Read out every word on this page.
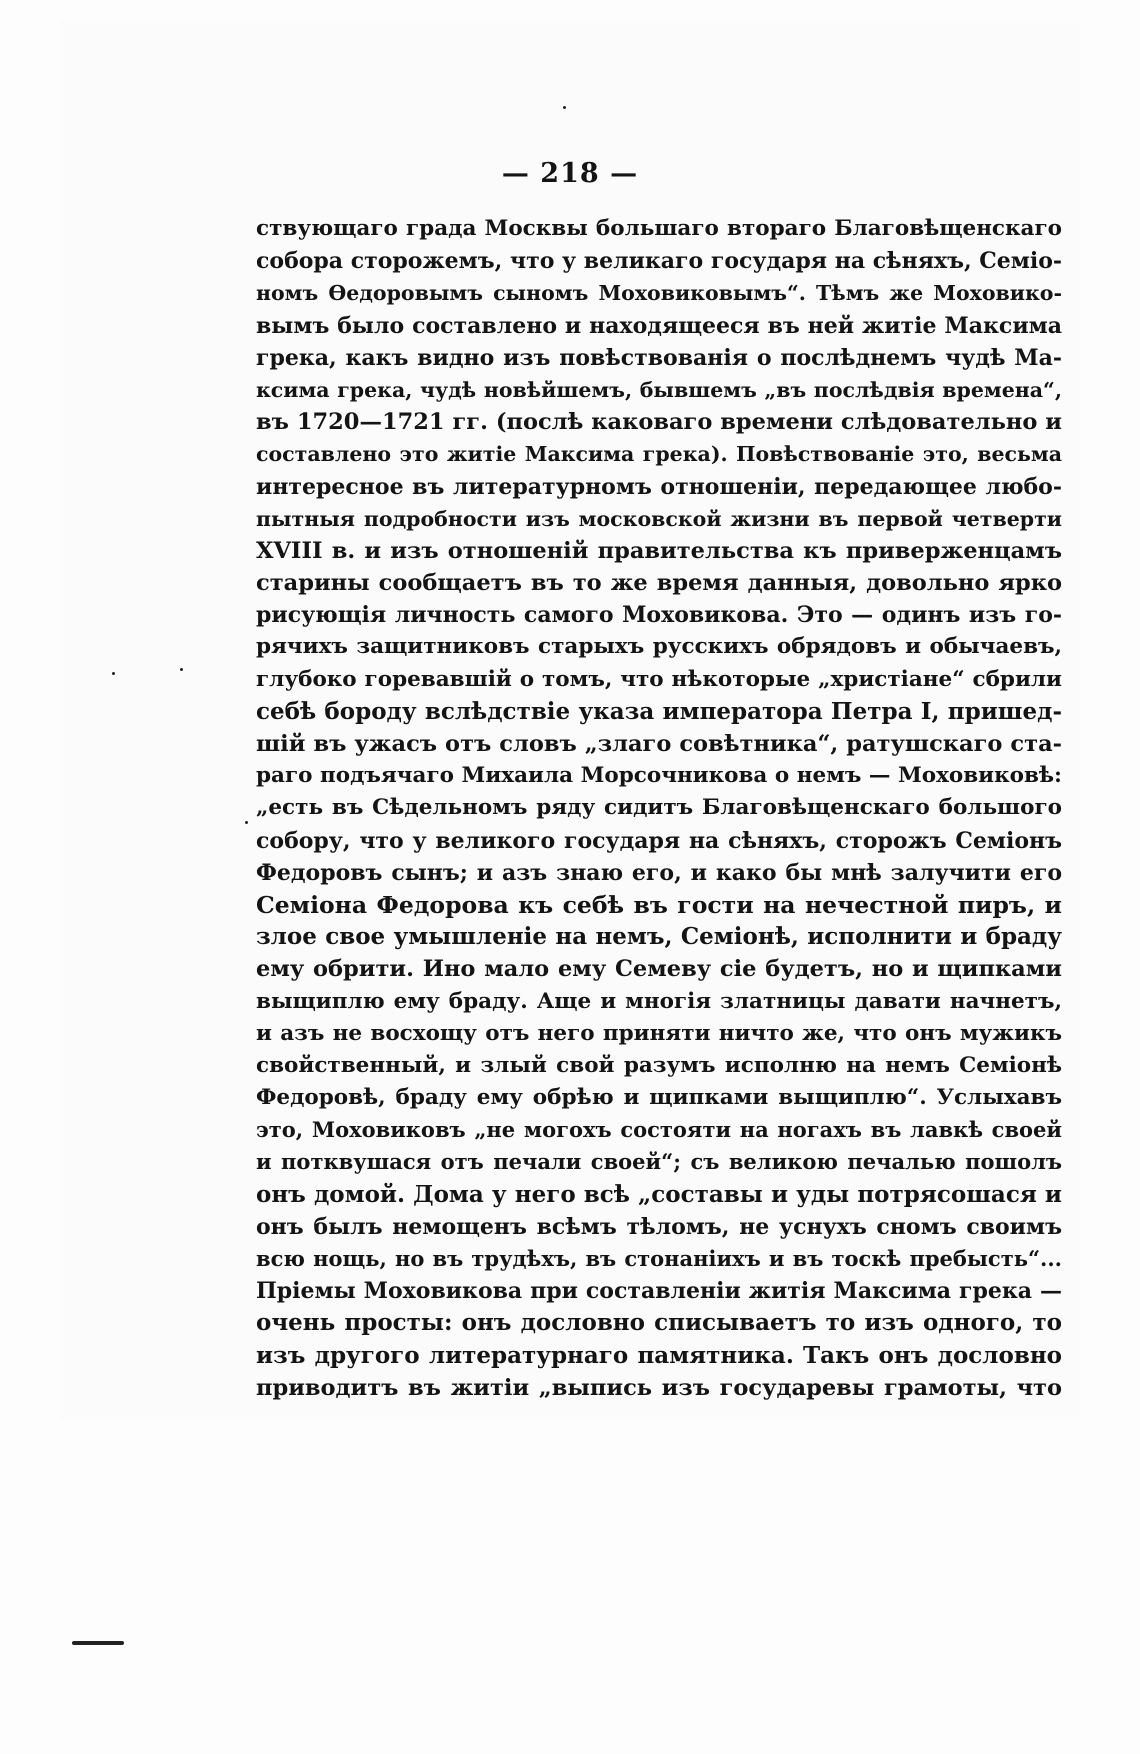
— 218 —
ствующаго града Москвы большаго втораго Благовѣщенскаго
собора сторожемъ, что у великаго государя на сѣняхъ, Семіо-
номъ Өедоровымъ сыномъ Моховиковымъ“. Тѣмъ же Моховико-
вымъ было составлено и находящееся въ ней житіе Максима
грека, какъ видно изъ повѣствованія о послѣднемъ чудѣ Ма-
ксима грека, чудѣ новѣйшемъ, бывшемъ „въ послѣдвія времена“,
въ 1720—1721 гг. (послѣ каковаго времени слѣдовательно и
составлено это житіе Максима грека). Повѣствованіе это, весьма
интересное въ литературномъ отношеніи, передающее любо-
пытныя подробности изъ московской жизни въ первой четверти
XVIII в. и изъ отношеній правительства къ приверженцамъ
старины сообщаетъ въ то же время данныя, довольно ярко
рисующія личность самого Моховикова. Это — одинъ изъ го-
рячихъ защитниковъ старыхъ русскихъ обрядовъ и обычаевъ,
глубоко горевавшій о томъ, что нѣкоторые „христіане“ сбрили
себѣ бороду вслѣдствіе указа императора Петра I, пришед-
шій въ ужасъ отъ словъ „злаго совѣтника“, ратушскаго ста-
раго подъячаго Михаила Морсочникова о немъ — Моховиковѣ:
„есть въ Сѣдельномъ ряду сидитъ Благовѣщенскаго большого
собору, что у великого государя на сѣняхъ, сторожъ Семіонъ
Федоровъ сынъ; и азъ знаю его, и како бы мнѣ залучити его
Семіона Федорова къ себѣ въ гости на нечестной пиръ, и
злое свое умышленіе на немъ, Семіонѣ, исполнити и браду
ему обрити. Ино мало ему Семеву сіе будетъ, но и щипками
выщиплю ему браду. Аще и многія златницы давати начнетъ,
и азъ не восхощу отъ него приняти ничто же, что онъ мужикъ
свойственный, и злый свой разумъ исполню на немъ Семіонѣ
Федоровѣ, браду ему обрѣю и щипками выщиплю“. Услыхавъ
это, Моховиковъ „не могохъ состояти на ногахъ въ лавкѣ своей
и потквушася отъ печали своей“; съ великою печалью пошолъ
онъ домой. Дома у него всѣ „составы и уды потрясошася и
онъ былъ немощенъ всѣмъ тѣломъ, не уснухъ сномъ своимъ
всю нощь, но въ трудѣхъ, въ стонаніихъ и въ тоскѣ пребысть“...
Пріемы Моховикова при составленіи житія Максима грека —
очень просты: онъ дословно списываетъ то изъ одного, то
изъ другого литературнаго памятника. Такъ онъ дословно
приводитъ въ житіи „выпись изъ государевы грамоты, что
